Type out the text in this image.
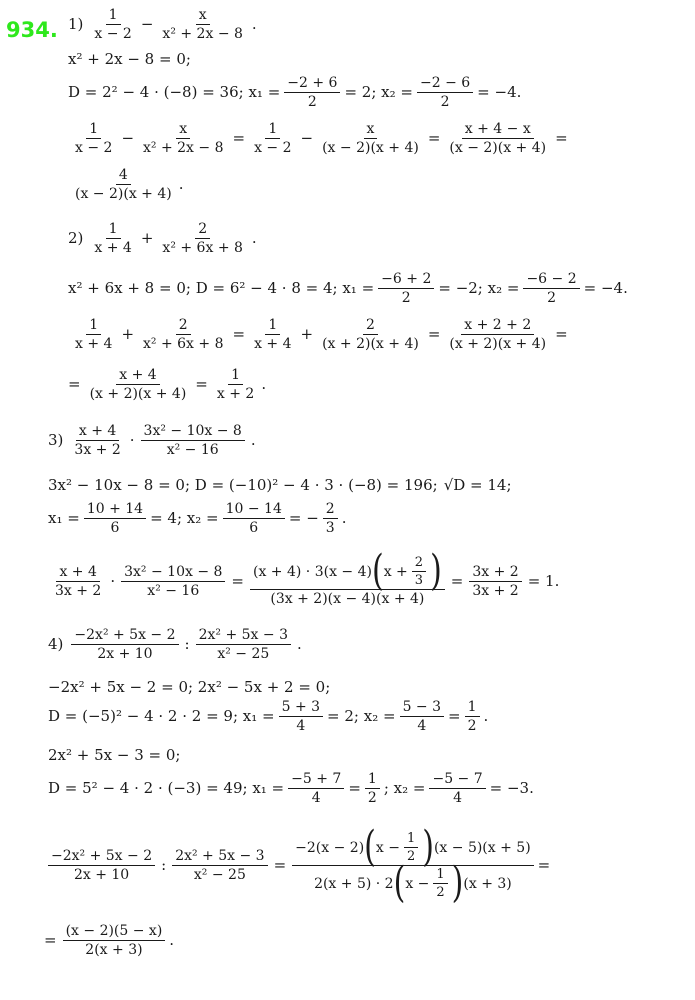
934. $1) \frac{1}{x - 2} - \frac{x}{\text{x² + 2x − 8}}$ .
x² + 2x − 8 = 0;
D = 2² − 4 · (−8) = 36; $x_1 = \frac{-2 + 6}{2} = 2$; $x_2 = \frac{-2 - 6}{2} = -4$.
$\frac{1}{x - 2} - \frac{x}{\text{x² + 2x − 8}} = \frac{1}{x - 2} - \frac{x}{(x - 2)(x + 4)} = \frac{x + 4 - x}{(x - 2)(x + 4)}$ =
$\frac{4}{(x - 2)(x + 4)}$ .
$2) \frac{1}{x + 4} + \frac{2}{\text{x² + 6x + 8}}$ .
x² + 6x + 8 = 0; D = 6² − 4 · 8 = 4; $x_1 = \frac{-6 + 2}{2} = -2$; $x_2 = \frac{-6 - 2}{2} = -4$.
$\frac{1}{x + 4} + \frac{2}{\text{x² + 6x + 8}} = \frac{1}{x + 4} + \frac{2}{(x + 2)(x + 4)} = \frac{x + 2 + 2}{(x + 2)(x + 4)}$ =
= $\frac{x + 4}{(x + 2)(x + 4)} = \frac{1}{x + 2}$ .
$3) \frac{x + 4}{3x + 2} \cdot \frac{\text{3x² − 10x − 8}}{\text{x² − 16}}$ .
3x² − 10x − 8 = 0; D = (−10)² − 4 · 3 · (−8) = 196; √D = 14;
$x_1 = \frac{10 + 14}{6} = 4$; $x_2 = \frac{10 - 14}{6}$ = − $\frac{2}{3}$ .
$\frac{x + 4}{3x + 2} \cdot \frac{\text{3x² − 10x − 8}}{\text{x² − 16}} = \frac{(x + 4) \cdot 3(x - 4) ( x + \frac{2}{3} )}{(3x + 2)(x - 4)(x + 4)} = \frac{3x + 2}{3x + 2} = 1$.
$4) \frac{\text{−2x² + 5x − 2}}{2x + 10}$ : $\frac{\text{2x² + 5x − 3}}{\text{x² − 25}}$ .
−2x² + 5x − 2 = 0; 2x² − 5x + 2 = 0;
D = (−5)² − 4 · 2 · 2 = 9; $x_1 = \frac{5 + 3}{4} = 2$; $x_2 = \frac{5 - 3}{4} = \frac{1}{2}$ .
2x² + 5x − 3 = 0;
D = 5² − 4 · 2 · (−3) = 49; $x_1 = \frac{-5 + 7}{4} = \frac{1}{2}$ ; $x_2 = \frac{-5 - 7}{4} = -3$.
$\frac{\text{−2x² + 5x − 2}}{2x + 10}$ : $\frac{\text{2x² + 5x − 3}}{\text{x² − 25}} = \frac{-2(x - 2) ( x - \frac{1}{2} ) (x - 5)(x + 5)}{2(x + 5) \cdot 2 ( x - \frac{1}{2} ) (x + 3)}$ =
= $\frac{(x - 2)(5 - x)}{2(x + 3)}$ .
